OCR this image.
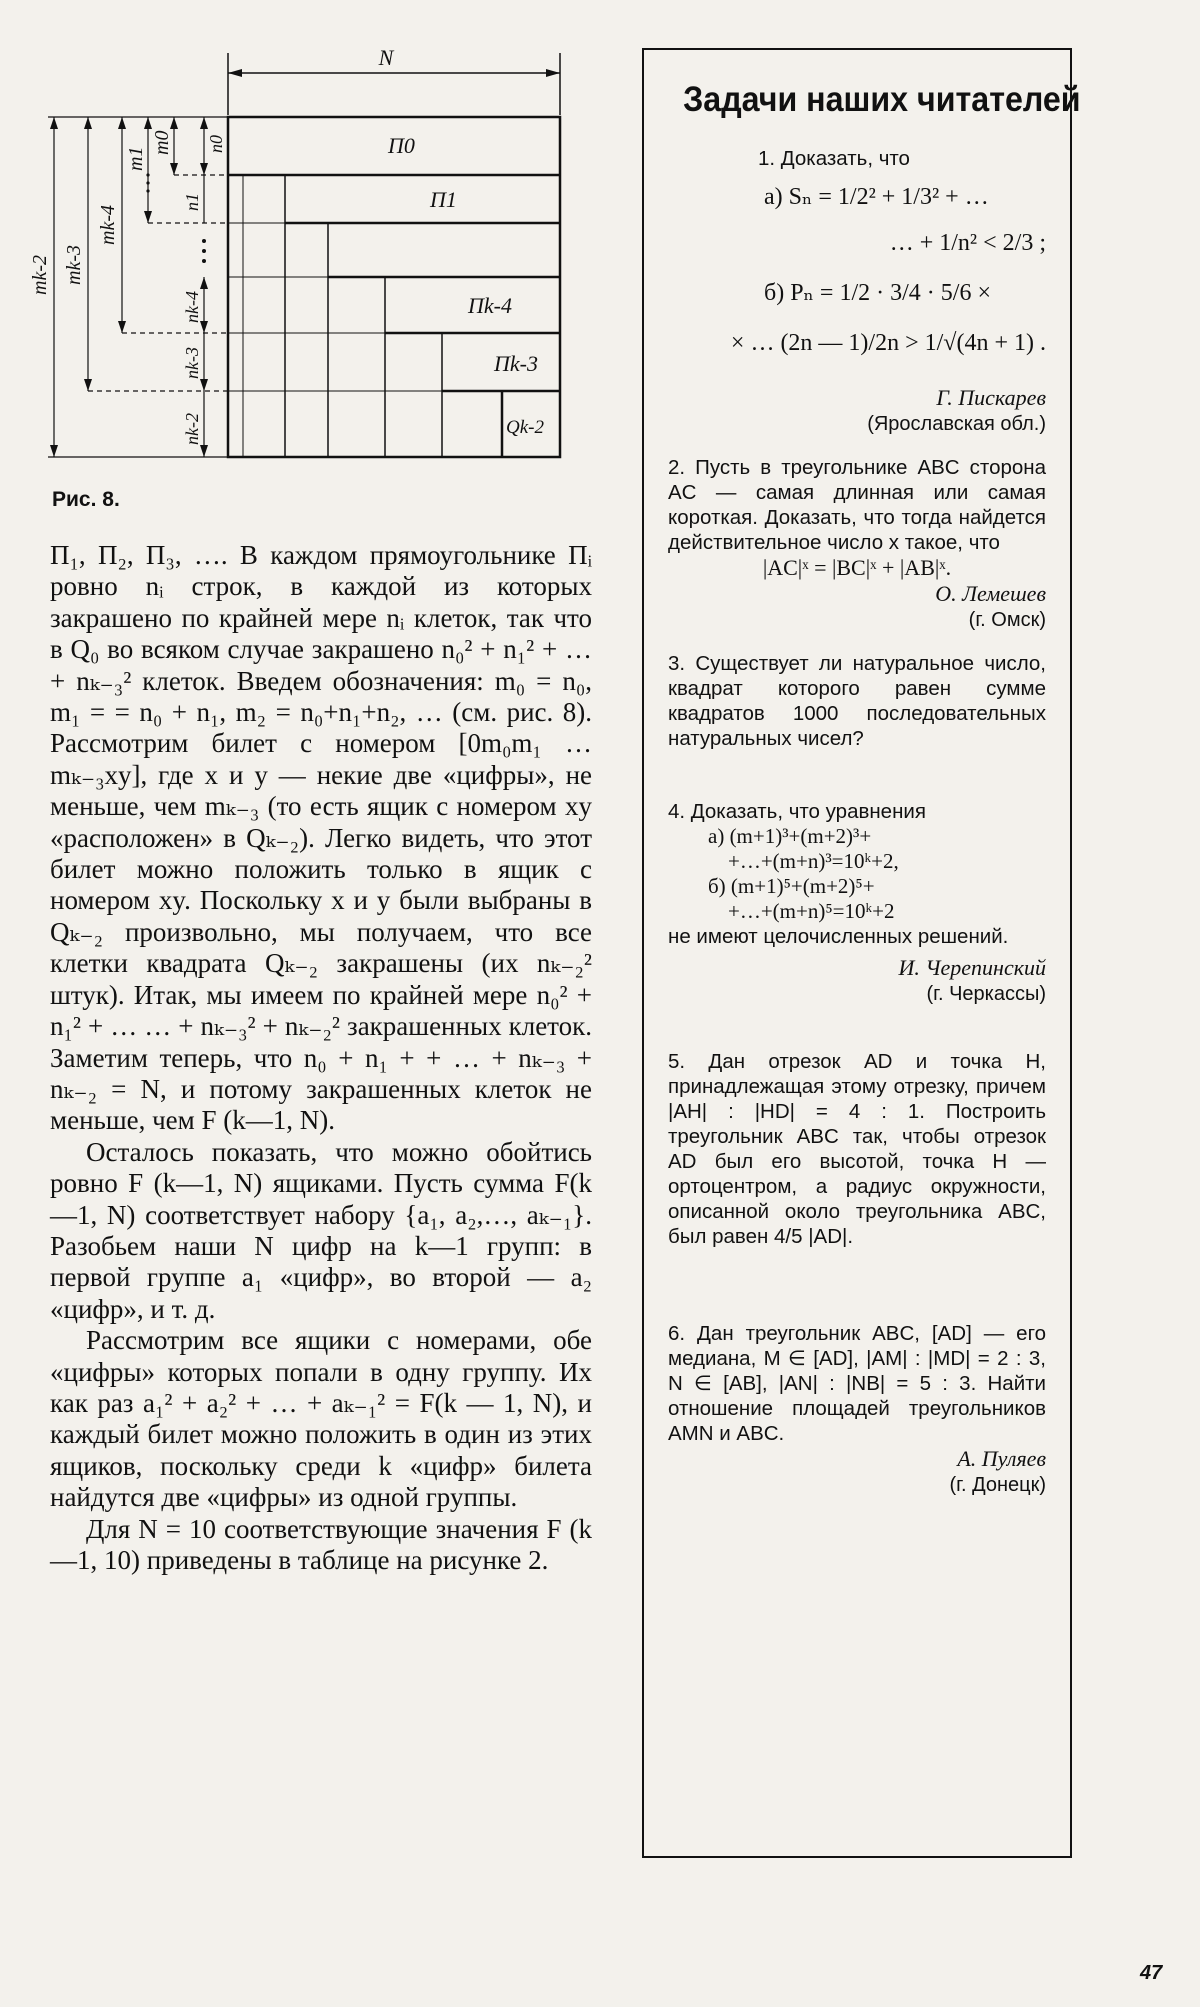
N
П0
П1
Пk-4
Пk-3
Qk-2
mk-2 mk-3
mk-4
m1
m0 n0
n1
nk-4
nk-3
nk-2
Рис. 8.

П₁, П₂, П₃, …. В каждом прямоугольнике Пᵢ ровно nᵢ строк, в каждой из которых закрашено по крайней мере nᵢ клеток, так что в Q₀ во всяком случае закрашено n₀² + n₁² + … + nₖ₋₃² клеток. Введем обозначения: m₀ = n₀, m₁ = = n₀ + n₁, m₂ = n₀+n₁+n₂, … (см. рис. 8). Рассмотрим билет с номером [0m₀m₁ … mₖ₋₃xy], где x и y — некие две «цифры», не меньше, чем mₖ₋₃ (то есть ящик с номером xy «расположен» в Qₖ₋₂). Легко видеть, что этот билет можно положить только в ящик с номером xy. Поскольку x и y были выбраны в Qₖ₋₂ произвольно, мы получаем, что все клетки квадрата Qₖ₋₂ закрашены (их nₖ₋₂² штук). Итак, мы имеем по крайней мере n₀² + n₁² + … … + nₖ₋₃² + nₖ₋₂² закрашенных клеток. Заметим теперь, что n₀ + n₁ + + … + nₖ₋₃ + nₖ₋₂ = N, и потому закрашенных клеток не меньше, чем F (k—1, N).

Осталось показать, что можно обойтись ровно F (k—1, N) ящиками. Пусть сумма F(k—1, N) соответствует набору {a₁, a₂,…, aₖ₋₁}. Разобьем наши N цифр на k—1 групп: в первой группе a₁ «цифр», во второй — a₂ «цифр», и т. д.

Рассмотрим все ящики с номерами, обе «цифры» которых попали в одну группу. Их как раз a₁² + a₂² + … + aₖ₋₁² = F(k — 1, N), и каждый билет можно положить в один из этих ящиков, поскольку среди k «цифр» билета найдутся две «цифры» из одной группы.

Для N = 10 соответствующие значения F (k—1, 10) приведены в таблице на рисунке 2.

Задачи наших читателей

1. Доказать, что

а) Sₙ = 1/2² + 1/3² + …

… + 1/n² < 2/3 ;

б) Pₙ = 1/2 · 3/4 · 5/6 ×

× … (2n — 1)/2n > 1/√(4n + 1) .

Г. Пискарев

(Ярославская обл.)

2. Пусть в треугольнике ABC сторона AC — самая длинная или самая короткая. Доказать, что тогда найдется действительное число x такое, что

|AC|ˣ = |BC|ˣ + |AB|ˣ.

О. Лемешев

(г. Омск)

3. Существует ли натуральное число, квадрат которого равен сумме квадратов 1000 последовательных натуральных чисел?

4. Доказать, что уравнения

а) (m+1)³+(m+2)³+

+…+(m+n)³=10ᵏ+2,

б) (m+1)⁵+(m+2)⁵+

+…+(m+n)⁵=10ᵏ+2

не имеют целочисленных решений.

И. Черепинский

(г. Черкассы)

5. Дан отрезок AD и точка H, принадлежащая этому отрезку, причем |AH| : |HD| = 4 : 1. Построить треугольник ABC так, чтобы отрезок AD был его высотой, точка H — ортоцентром, а радиус окружности, описанной около треугольника ABC, был равен 4/5 |AD|.

6. Дан треугольник ABC, [AD] — его медиана, M ∈ [AD], |AM| : |MD| = 2 : 3, N ∈ [AB], |AN| : |NB| = 5 : 3. Найти отношение площадей треугольников AMN и ABC.

А. Пуляев

(г. Донецк)

47
